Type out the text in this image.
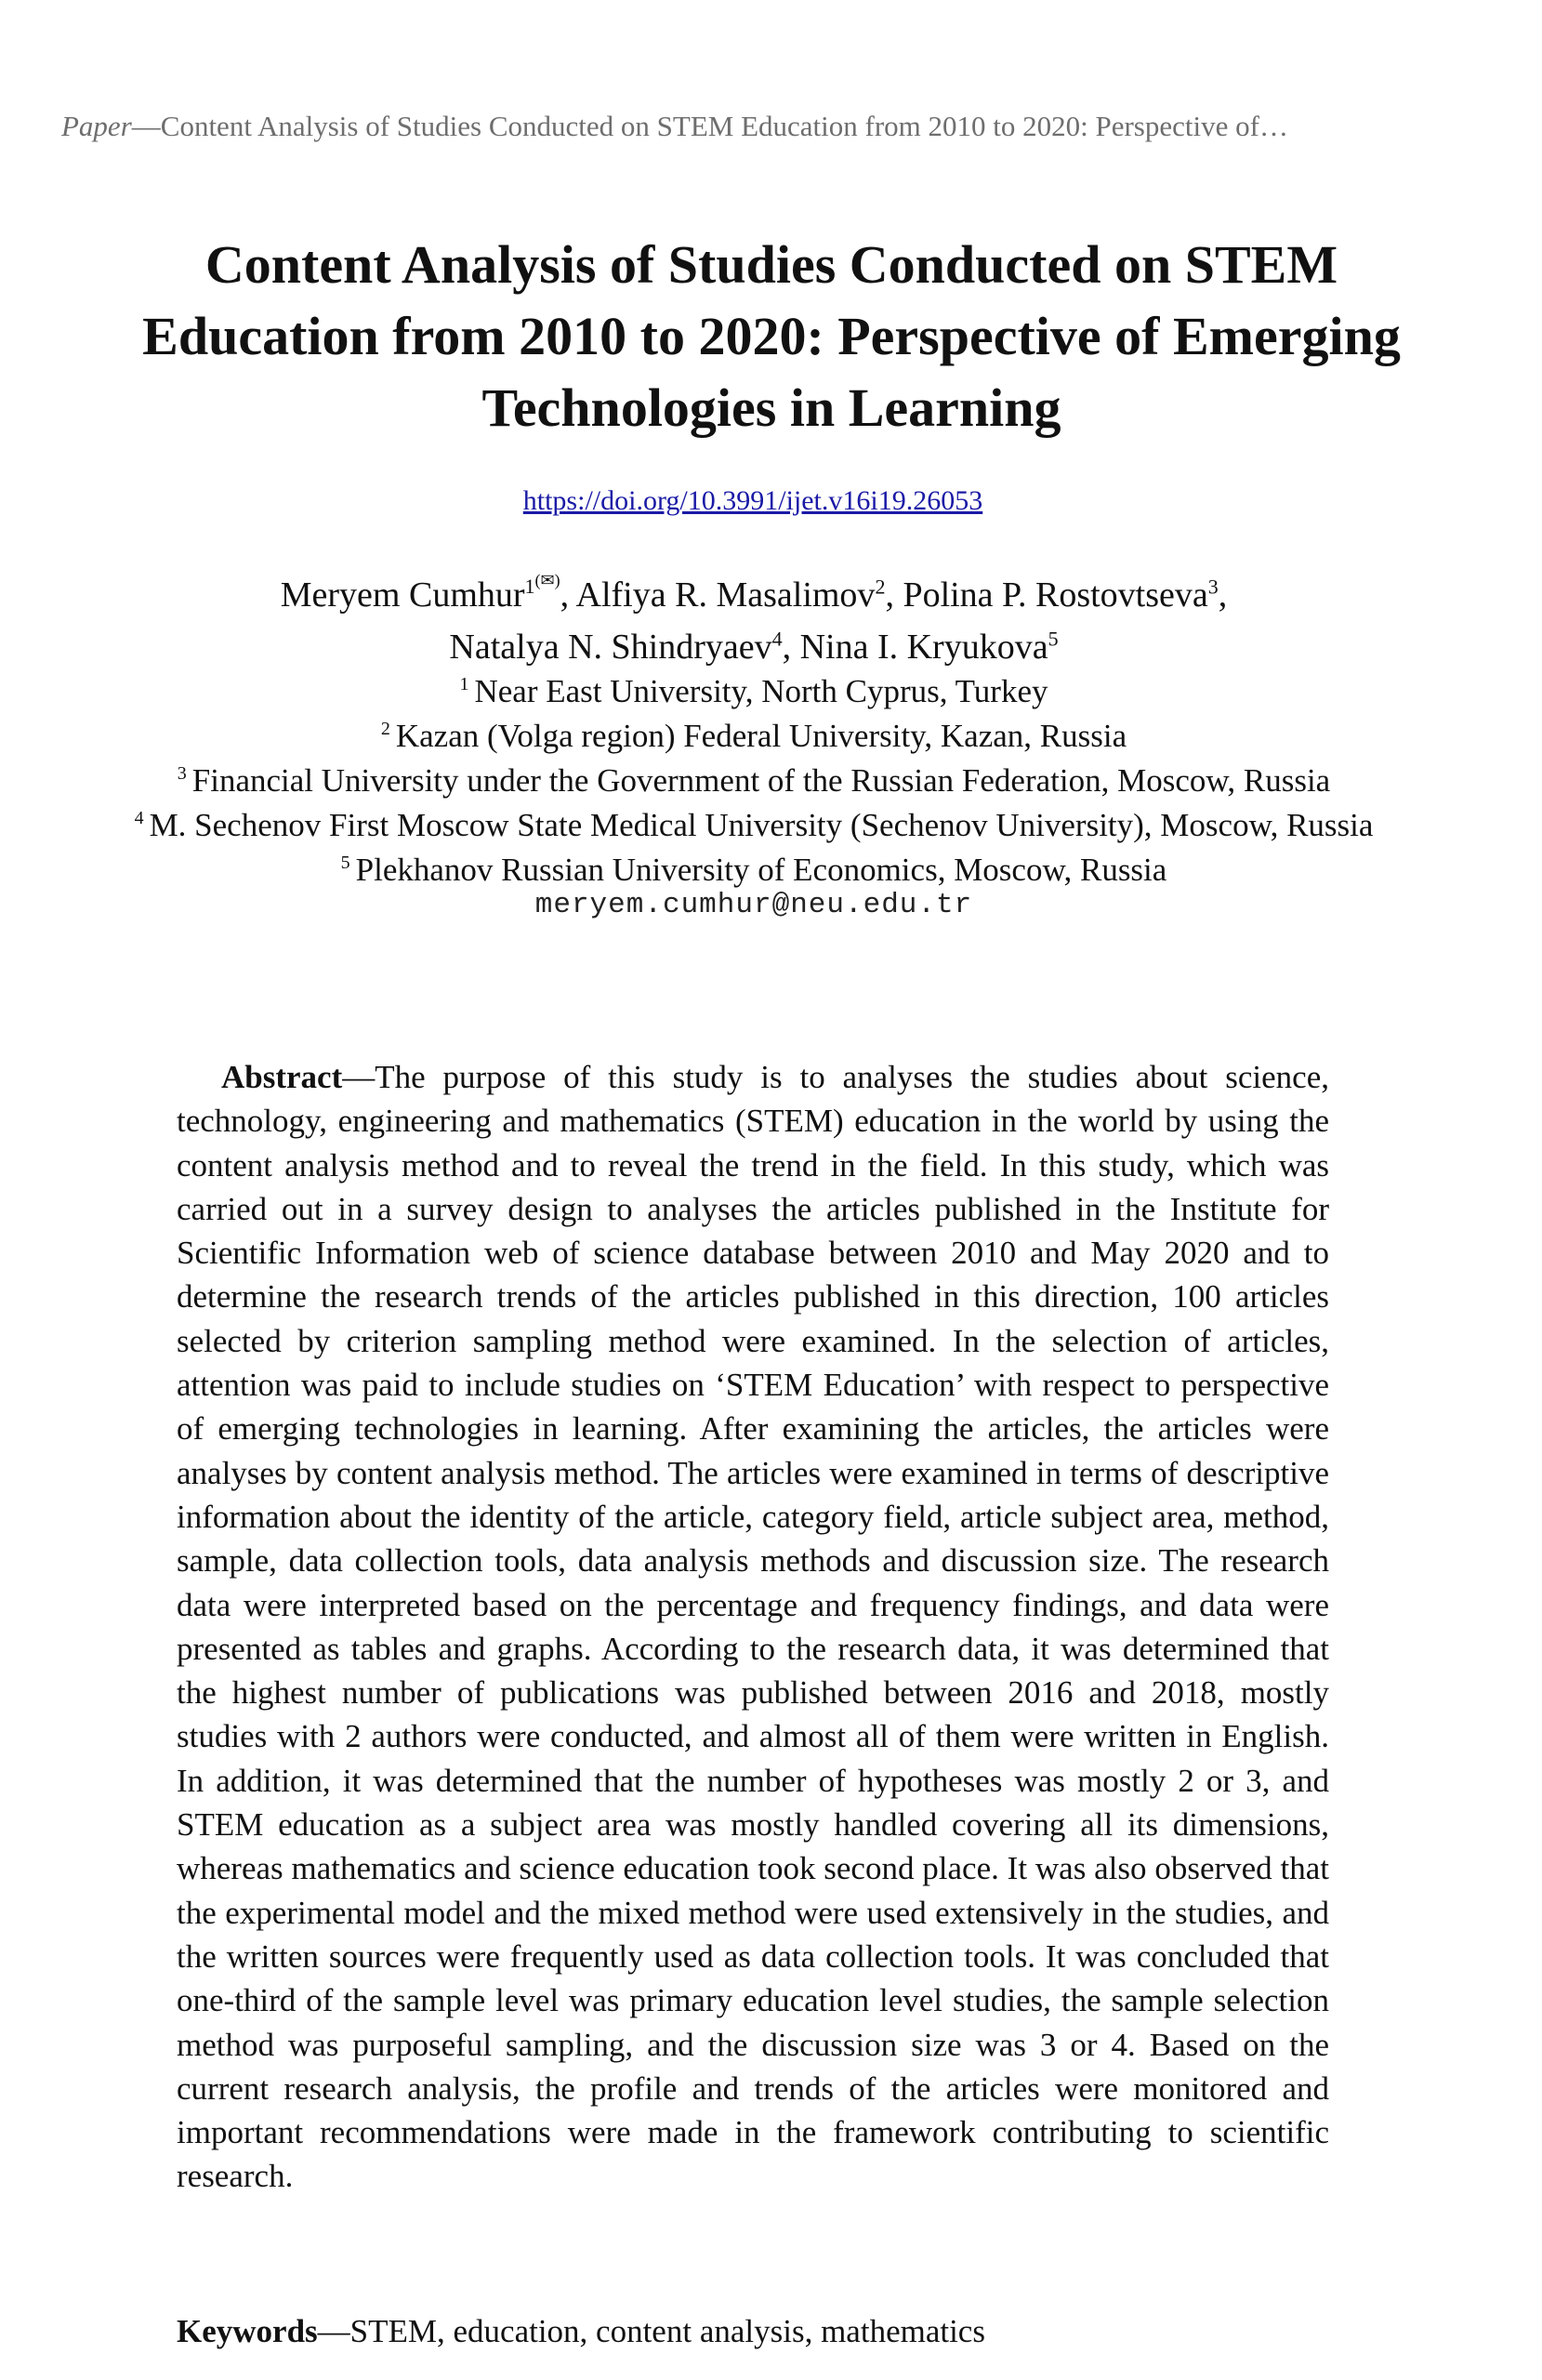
Paper—Content Analysis of Studies Conducted on STEM Education from 2010 to 2020: Perspective of…
Content Analysis of Studies Conducted on STEM
Education from 2010 to 2020: Perspective of Emerging
Technologies in Learning
https://doi.org/10.3991/ijet.v16i19.26053
Meryem Cumhur$^{1(✉)}$, Alfiya R. Masalimov$^2$, Polina P. Rostovtseva$^3$,
Natalya N. Shindryaev$^4$, Nina I. Kryukova$^5$
$^1$ Near East University, North Cyprus, Turkey
$^2$ Kazan (Volga region) Federal University, Kazan, Russia
$^3$ Financial University under the Government of the Russian Federation, Moscow, Russia
$^4$ M. Sechenov First Moscow State Medical University (Sechenov University), Moscow, Russia
$^5$ Plekhanov Russian University of Economics, Moscow, Russia
meryem.cumhur@neu.edu.tr
Abstract—The purpose of this study is to analyses the studies about science, technology, engineering and mathematics (STEM) education in the world by using the content analysis method and to reveal the trend in the field. In this study, which was carried out in a survey design to analyses the articles published in the Institute for Scientific Information web of science database between 2010 and May 2020 and to determine the research trends of the articles published in this direction, 100 articles selected by criterion sampling method were examined. In the selection of articles, attention was paid to include studies on ‘STEM Education’ with respect to perspective of emerging technologies in learning. After examining the articles, the articles were analyses by content analysis method. The articles were examined in terms of descriptive information about the identity of the article, category field, article subject area, method, sample, data collection tools, data analysis methods and discussion size. The research data were interpreted based on the percentage and frequency findings, and data were presented as tables and graphs. According to the research data, it was determined that the highest number of publications was published between 2016 and 2018, mostly studies with 2 authors were conducted, and almost all of them were written in English. In addition, it was determined that the number of hypotheses was mostly 2 or 3, and STEM education as a subject area was mostly handled covering all its dimensions, whereas mathematics and science education took second place. It was also observed that the experimental model and the mixed method were used extensively in the studies, and the written sources were frequently used as data collection tools. It was concluded that one-third of the sample level was primary education level studies, the sample selection method was purposeful sampling, and the discussion size was 3 or 4. Based on the current research analysis, the profile and trends of the articles were monitored and important recommendations were made in the framework contributing to scientific research.
Keywords—STEM, education, content analysis, mathematics
